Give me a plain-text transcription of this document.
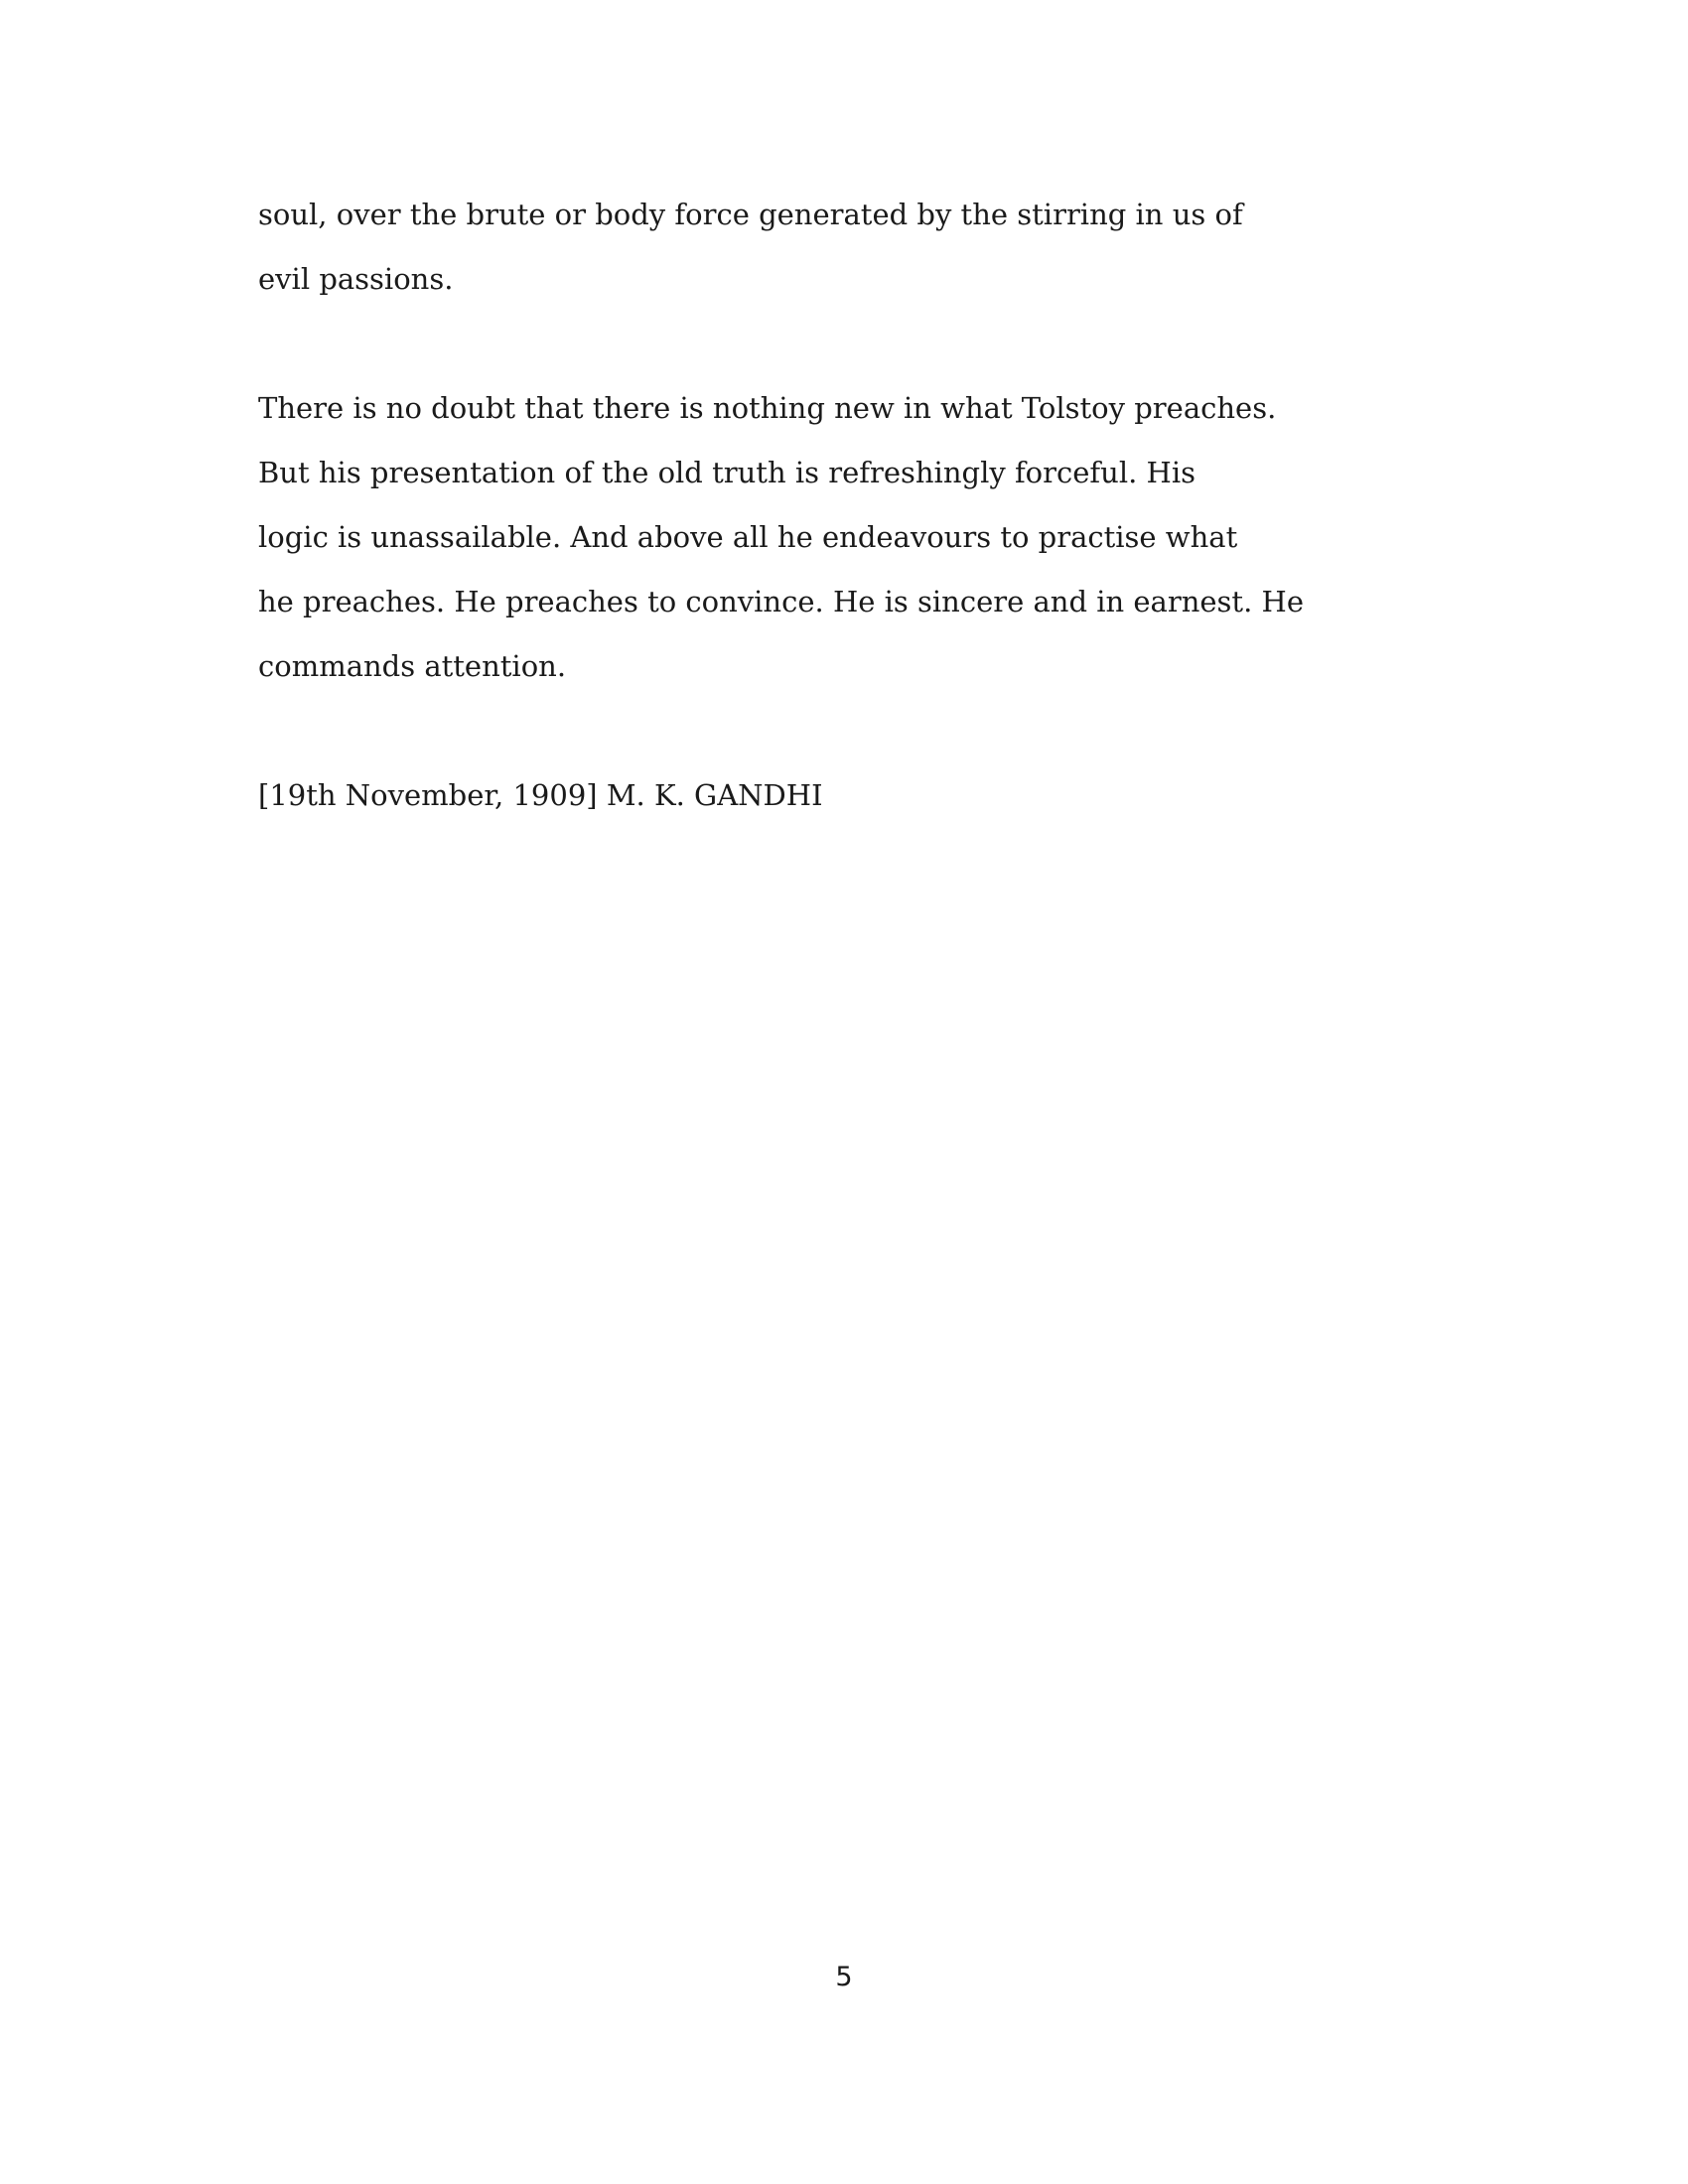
soul, over the brute or body force generated by the stirring in us of
evil passions.
There is no doubt that there is nothing new in what Tolstoy preaches.
But his presentation of the old truth is refreshingly forceful. His
logic is unassailable. And above all he endeavours to practise what
he preaches. He preaches to convince. He is sincere and in earnest. He
commands attention.
[19th November, 1909] M. K. GANDHI
5
